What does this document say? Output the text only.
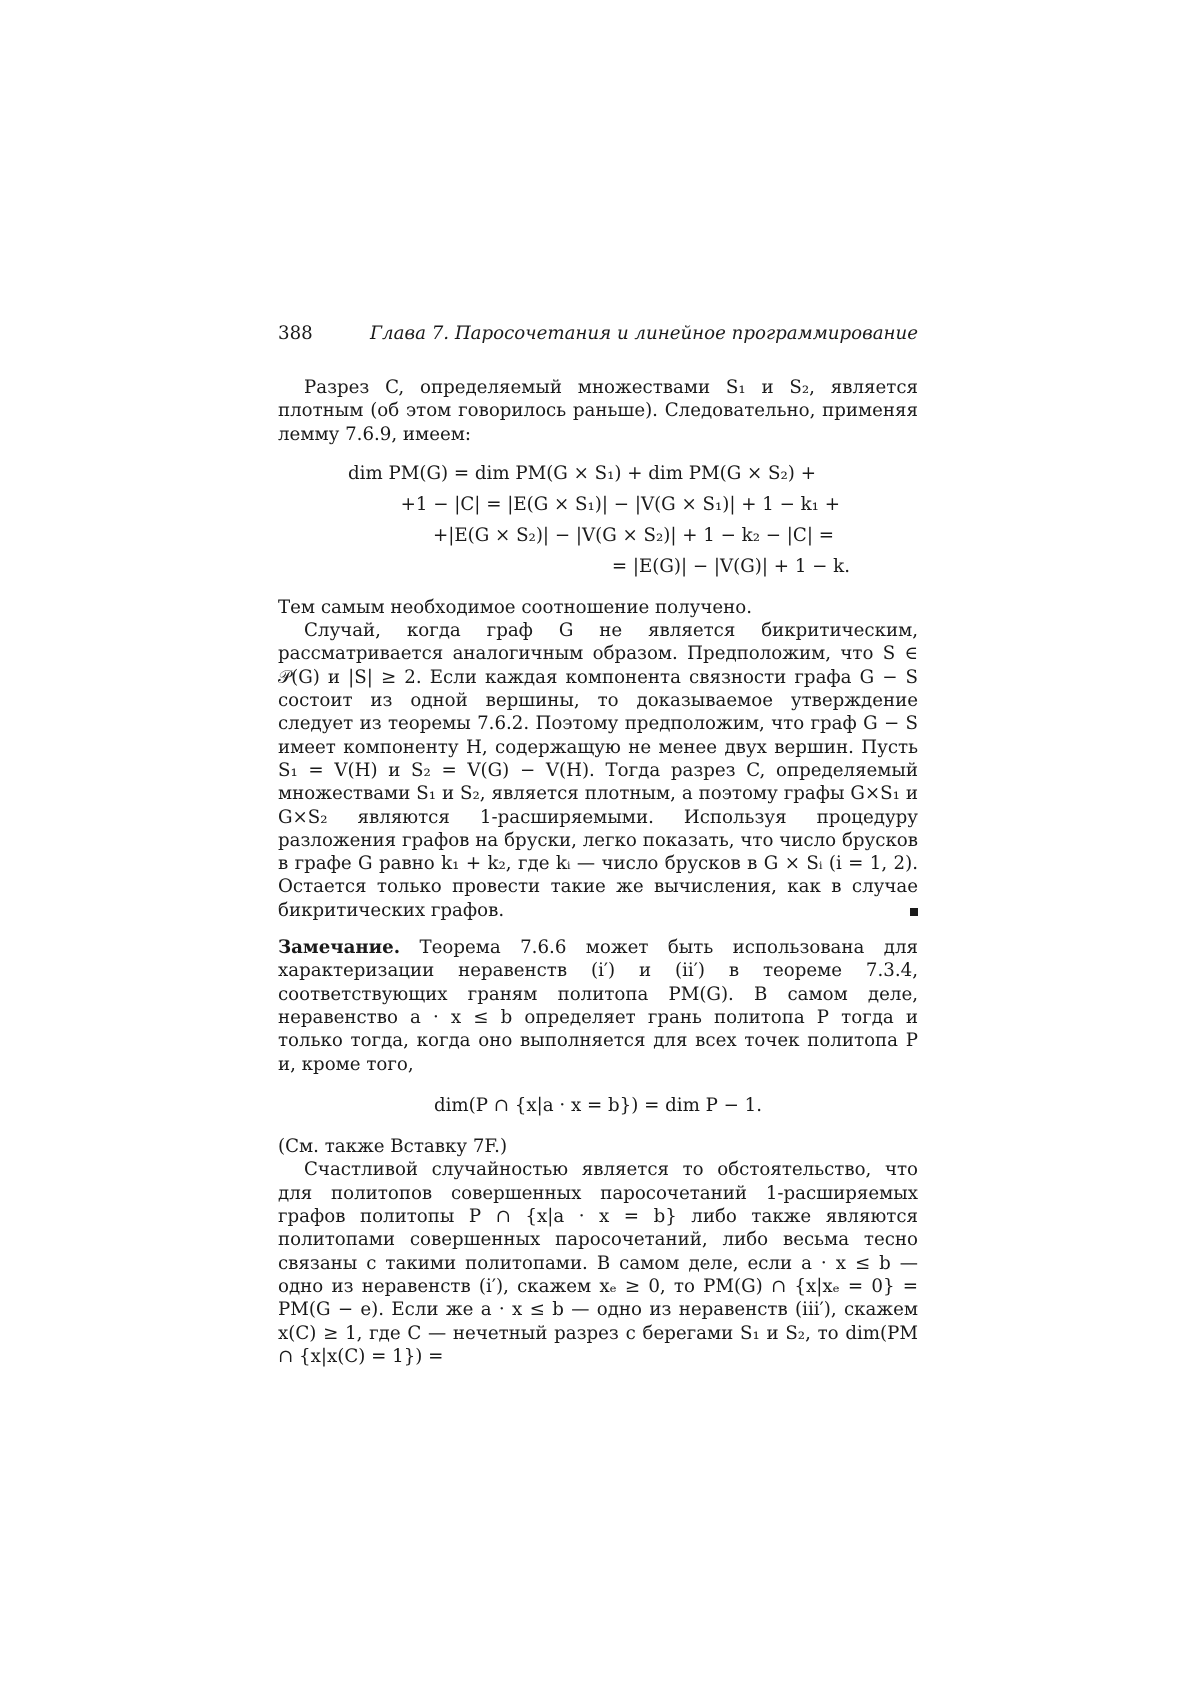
388	Глава 7. Паросочетания и линейное программирование

Разрез C, определяемый множествами S₁ и S₂, является плотным (об этом говорилось раньше). Следовательно, применяя лемму 7.6.9, имеем:

dim PM(G) = dim PM(G × S₁) + dim PM(G × S₂) +
+1 − |C| = |E(G × S₁)| − |V(G × S₁)| + 1 − k₁ +
+|E(G × S₂)| − |V(G × S₂)| + 1 − k₂ − |C| =
= |E(G)| − |V(G)| + 1 − k.

Тем самым необходимое соотношение получено.

Случай, когда граф G не является бикритическим, рассматривается аналогичным образом. Предположим, что S ∈ 𝒫(G) и |S| ≥ 2. Если каждая компонента связности графа G − S состоит из одной вершины, то доказываемое утверждение следует из теоремы 7.6.2. Поэтому предположим, что граф G − S имеет компоненту H, содержащую не менее двух вершин. Пусть S₁ = V(H) и S₂ = V(G) − V(H). Тогда разрез C, определяемый множествами S₁ и S₂, является плотным, а поэтому графы G×S₁ и G×S₂ являются 1-расширяемыми. Используя процедуру разложения графов на бруски, легко показать, что число брусков в графе G равно k₁ + k₂, где kᵢ — число брусков в G × Sᵢ (i = 1, 2). Остается только провести такие же вычисления, как в случае бикритических графов.

Замечание. Теорема 7.6.6 может быть использована для характеризации неравенств (i′) и (ii′) в теореме 7.3.4, соответствующих граням политопа PM(G). В самом деле, неравенство a · x ≤ b определяет грань политопа P тогда и только тогда, когда оно выполняется для всех точек политопа P и, кроме того,

dim(P ∩ {x|a · x = b}) = dim P − 1.

(См. также Вставку 7F.)

Счастливой случайностью является то обстоятельство, что для политопов совершенных паросочетаний 1-расширяемых графов политопы P ∩ {x|a · x = b} либо также являются политопами совершенных паросочетаний, либо весьма тесно связаны с такими политопами. В самом деле, если a · x ≤ b — одно из неравенств (i′), скажем xₑ ≥ 0, то PM(G) ∩ {x|xₑ = 0} = PM(G − e). Если же a · x ≤ b — одно из неравенств (iii′), скажем x(C) ≥ 1, где C — нечетный разрез с берегами S₁ и S₂, то dim(PM ∩ {x|x(C) = 1}) =
